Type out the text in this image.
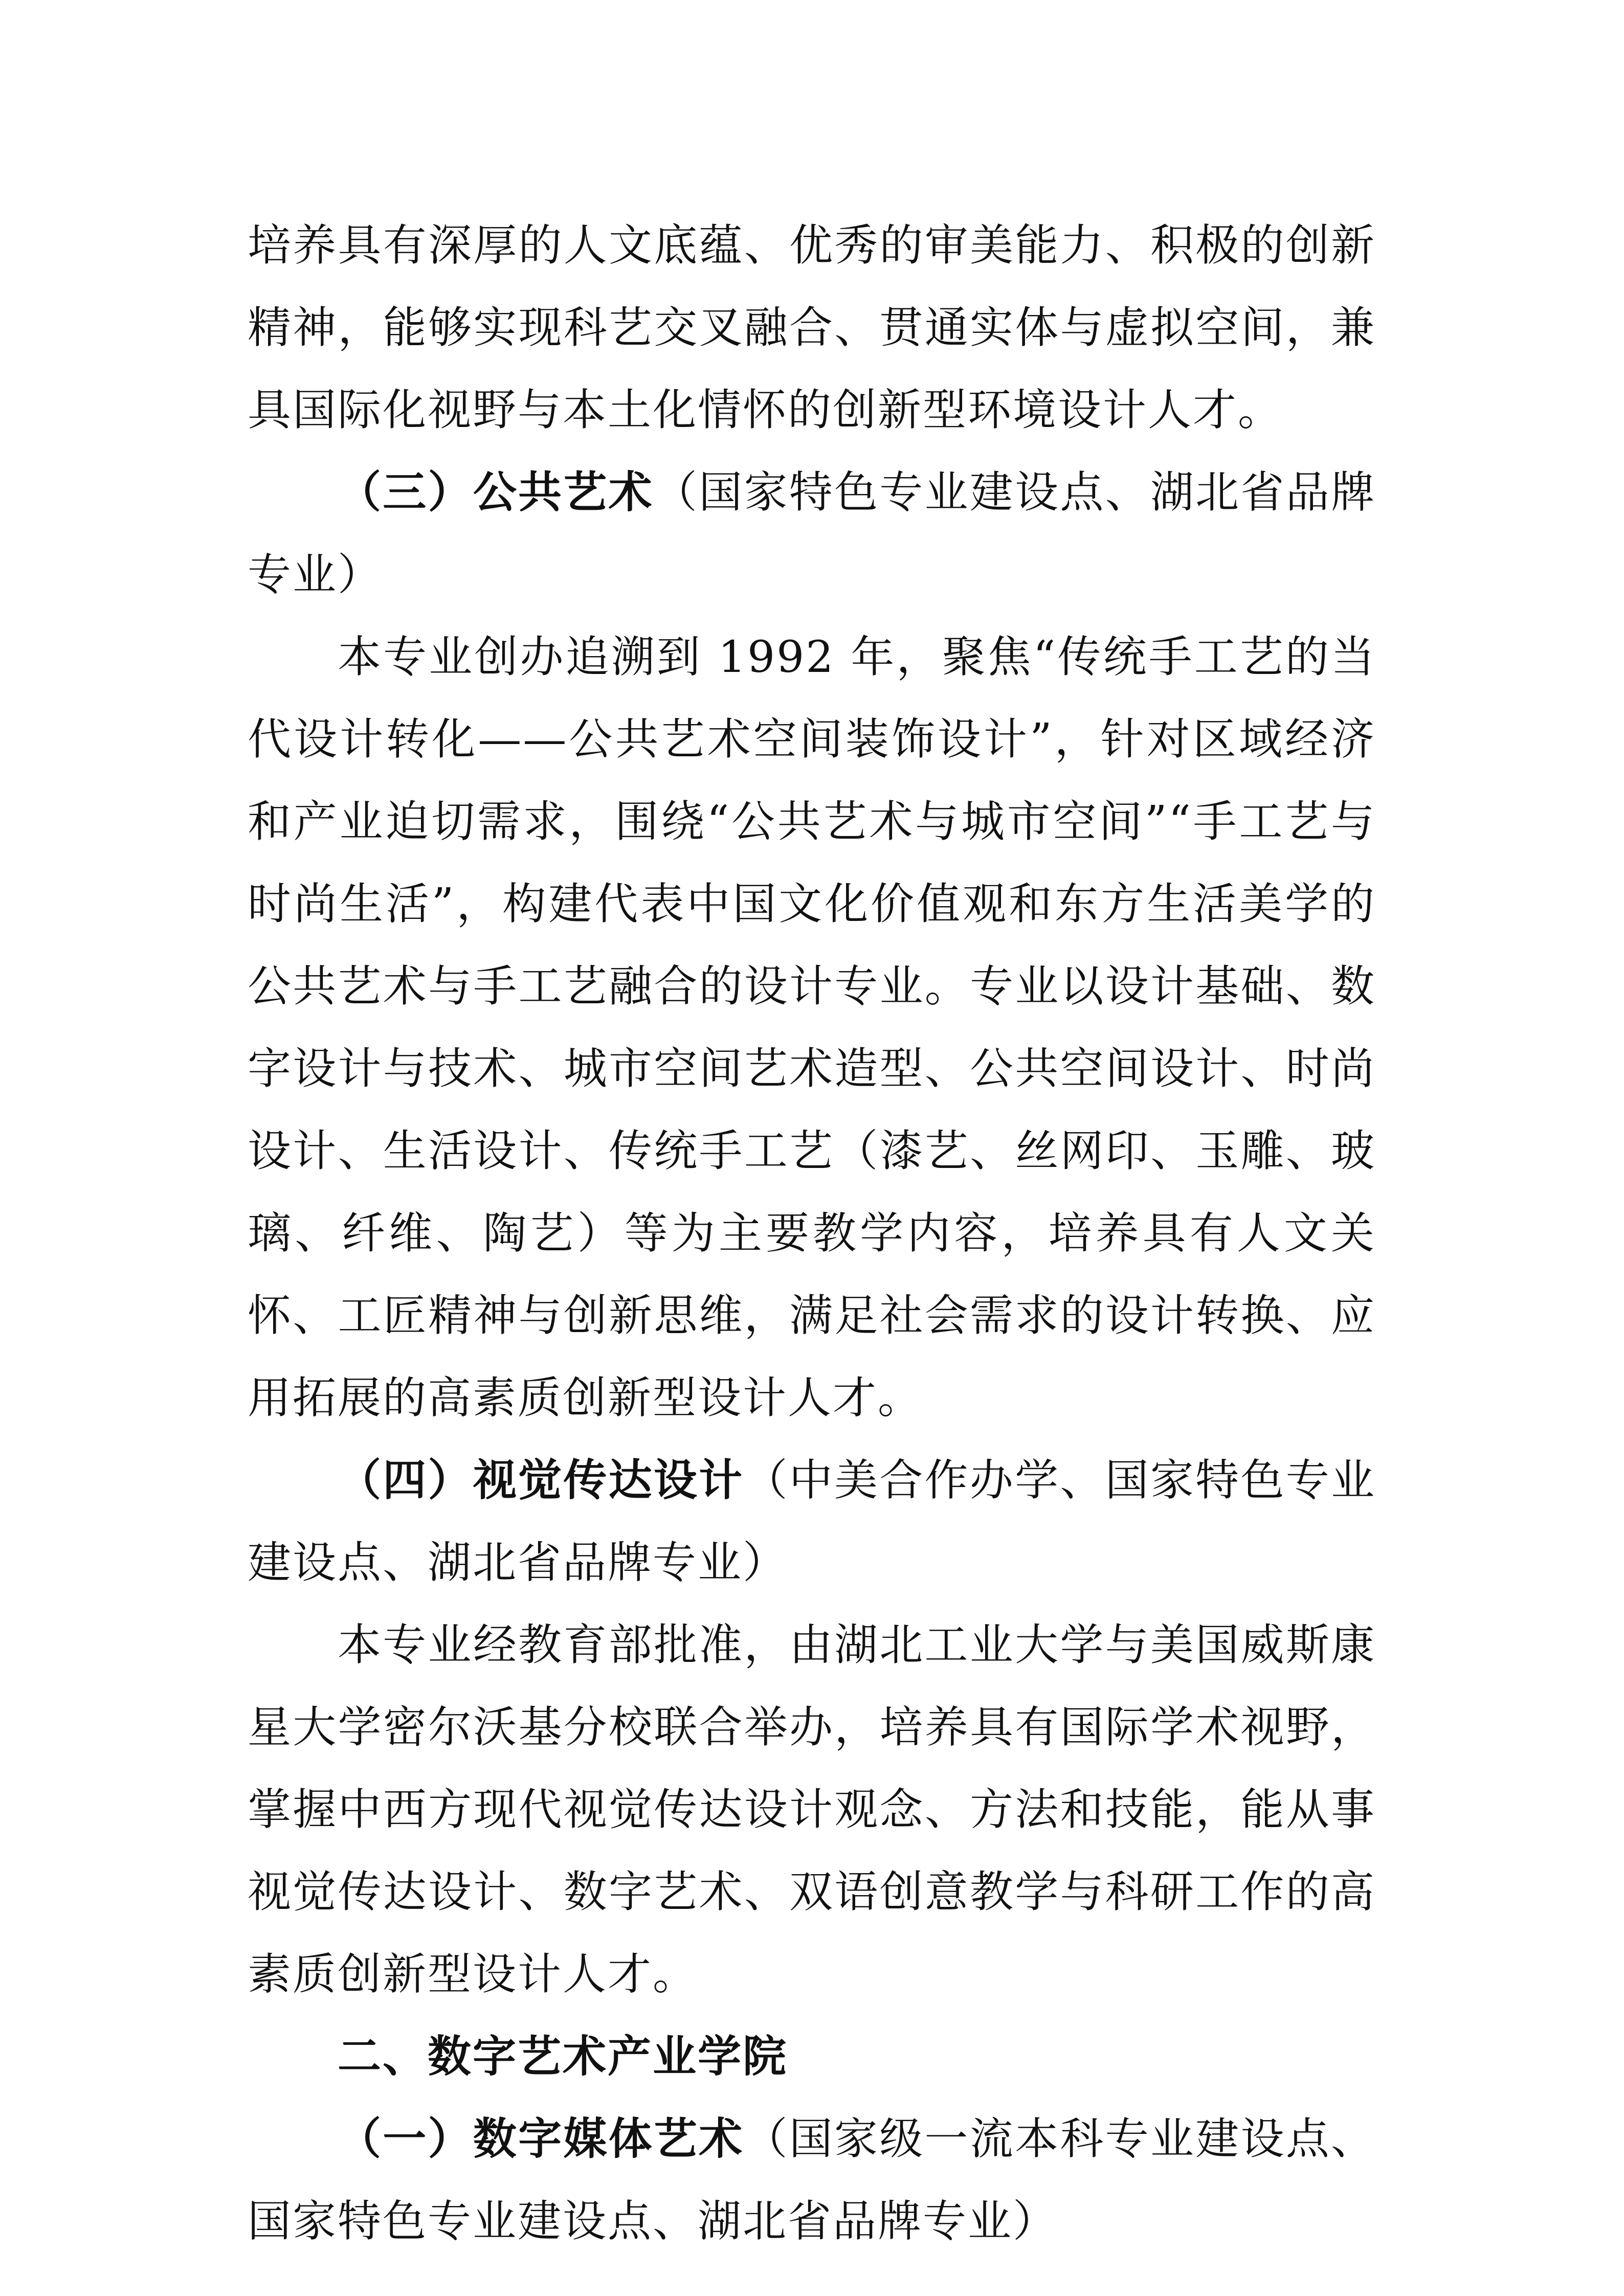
培养具有深厚的人文底蕴、优秀的审美能力、积极的创新精神，能够实现科艺交叉融合、贯通实体与虚拟空间，兼具国际化视野与本土化情怀的创新型环境设计人才。

（三）公共艺术（国家特色专业建设点、湖北省品牌专业）

本专业创办追溯到 1992 年，聚焦“传统手工艺的当代设计转化——公共艺术空间装饰设计”，针对区域经济和产业迫切需求，围绕“公共艺术与城市空间”“手工艺与时尚生活”，构建代表中国文化价值观和东方生活美学的公共艺术与手工艺融合的设计专业。专业以设计基础、数字设计与技术、城市空间艺术造型、公共空间设计、时尚设计、生活设计、传统手工艺（漆艺、丝网印、玉雕、玻璃、纤维、陶艺）等为主要教学内容，培养具有人文关怀、工匠精神与创新思维，满足社会需求的设计转换、应用拓展的高素质创新型设计人才。

（四）视觉传达设计（中美合作办学、国家特色专业建设点、湖北省品牌专业）

本专业经教育部批准，由湖北工业大学与美国威斯康星大学密尔沃基分校联合举办，培养具有国际学术视野，掌握中西方现代视觉传达设计观念、方法和技能，能从事视觉传达设计、数字艺术、双语创意教学与科研工作的高素质创新型设计人才。

二、数字艺术产业学院

（一）数字媒体艺术（国家级一流本科专业建设点、国家特色专业建设点、湖北省品牌专业）
